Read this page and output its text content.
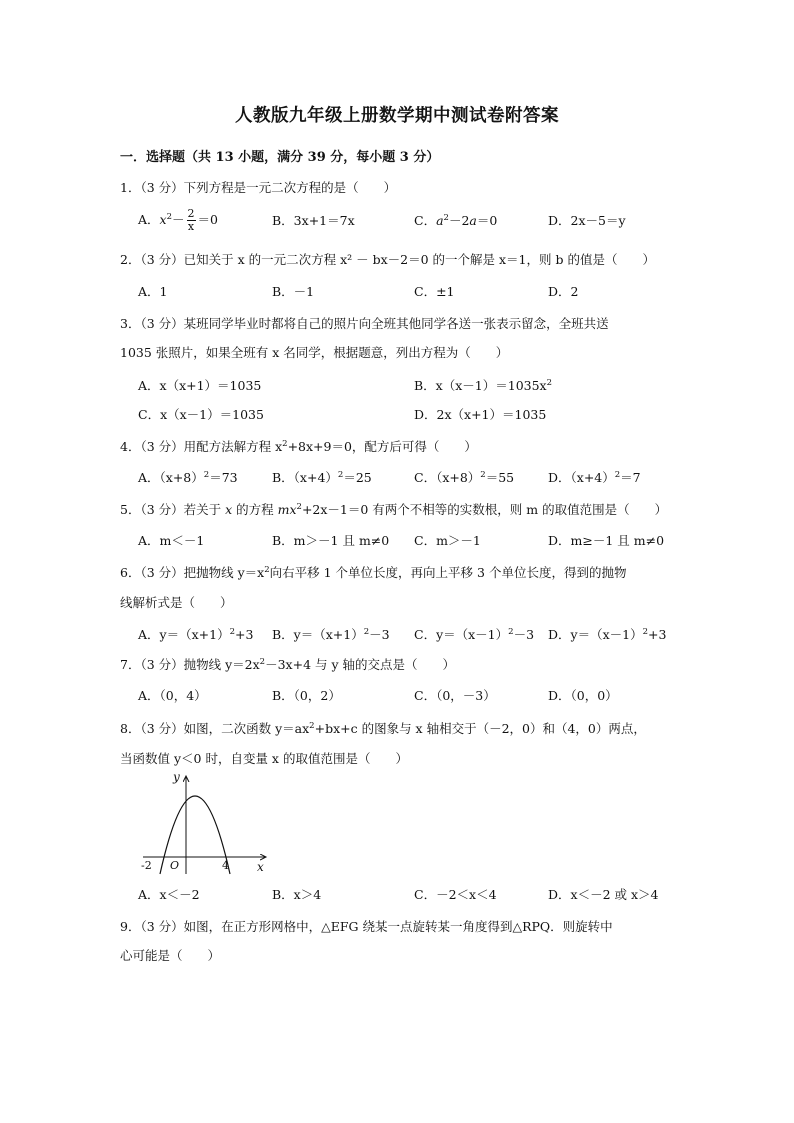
人教版九年级上册数学期中测试卷附答案
一．选择题（共 13 小题，满分 39 分，每小题 3 分）
1．（3 分）下列方程是一元二次方程的是（　　）
A．$x^2- \frac{2}{x} =0$	B．3x+1＝7x	C．$a^2-2a=0$	D．2x－5＝y
2．（3 分）已知关于 x 的一元二次方程 x² － bx－2＝0 的一个解是 x＝1，则 b 的值是（　　）
A．1	B．－1	C．±1	D．2
3．（3 分）某班同学毕业时都将自己的照片向全班其他同学各送一张表示留念，全班共送
1035 张照片，如果全班有 x 名同学，根据题意，列出方程为（　　）
A．x（x+1）＝1035	B．$x(x-1)=1035x^2$
C．x（x－1）＝1035	D．2x（x+1）＝1035
4．（3 分）用配方法解方程 $x^2+8x+9=0$，配方后可得（　　）
A．$(x+8)^2=73$	B．$(x+4)^2=25$	C．$(x+8)^2=55$	D．$(x+4)^2=7$
5．（3 分）若关于 x 的方程 $mx^2+2x-1=0$ 有两个不相等的实数根，则 m 的取值范围是（　　）
A．m＜－1	B．m＞－1 且 m≠0 C．m＞－1	D．m≥－1 且 m≠0
6．（3 分）把抛物线 $y=x^2$向右平移 1 个单位长度，再向上平移 3 个单位长度，得到的抛物
线解析式是（　　）
A．$y=(x+1)^2+3$ B．$y=(x+1)^2-3$ C．$y=(x-1)^2-3$ D．$y=(x-1)^2+3$
7．（3 分）抛物线 $y=2x^2-3x+4$ 与 y 轴的交点是（　　）
A．（0，4）	B．（0，2）	C．（0，－3）	D．（0，0）
8．（3 分）如图，二次函数 $y=ax^2+bx+c$ 的图象与 x 轴相交于（－2，0）和（4，0）两点，
当函数值 y＜0 时，自变量 x 的取值范围是（　　）
y
x
O
-2	4
A．x＜－2	B．x＞4	C．－2＜x＜4	D．x＜－2 或 x＞4
9．（3 分）如图，在正方形网格中，△EFG 绕某一点旋转某一角度得到△RPQ．则旋转中
心可能是（　　）
